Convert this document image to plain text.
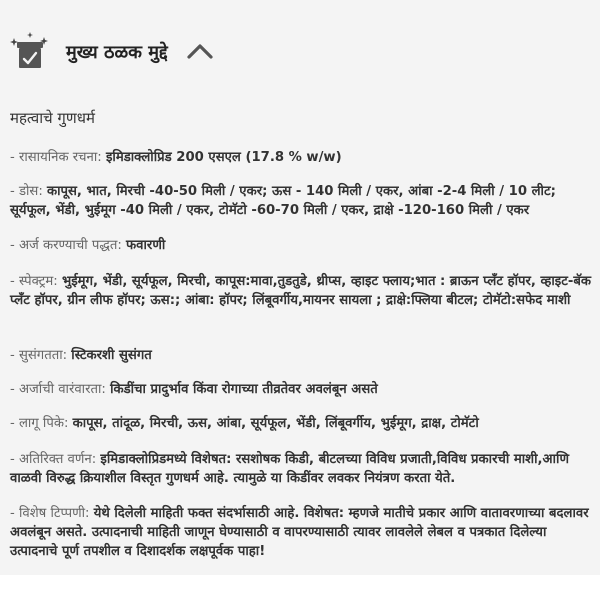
मुख्य ठळक मुद्दे
महत्वाचे गुणधर्म
- रासायनिक रचना: इमिडाक्लोप्रिड 200 एसएल (17.8 % w/w)
- डोस: कापूस, भात, मिरची -40-50 मिली / एकर; ऊस - 140 मिली / एकर, आंबा -2-4 मिली / 10 लीट; सूर्यफूल, भेंडी, भुईमूग -40 मिली / एकर, टोमॅटो -60-70 मिली / एकर, द्राक्षे -120-160 मिली / एकर
- अर्ज करण्याची पद्धत: फवारणी
- स्पेक्ट्रम: भुईमूग, भेंडी, सूर्यफूल, मिरची, कापूस:मावा,तुडतुडे, थ्रीप्स, व्हाइट फ्लाय;भात : ब्राऊन प्लॅंट हॉपर, व्हाइट-बॅक प्लॅंट हॉपर, ग्रीन लीफ हॉपर; ऊस:; आंबा: हॉपर; लिंबूवर्गीय,मायनर सायला ; द्राक्षे:फ्लिया बीटल; टोमॅटो:सफेद माशी
- सुसंगतता: स्टिकरशी सुसंगत
- अर्जाची वारंवारता: किडींचा प्रादुर्भाव किंवा रोगाच्या तीव्रतेवर अवलंबून असते
- लागू पिके: कापूस, तांदूळ, मिरची, ऊस, आंबा, सूर्यफूल, भेंडी, लिंबूवर्गीय, भुईमूग, द्राक्ष, टोमॅटो
- अतिरिक्त वर्णन: इमिडाक्लोप्रिडमध्ये विशेषत: रसशोषक किडी, बीटलच्या विविध प्रजाती,विविध प्रकारची माशी,आणि वाळवी विरुद्ध क्रियाशील विस्तृत गुणधर्म आहे. त्यामुळे या किडींवर लवकर नियंत्रण करता येते.
- विशेष टिप्पणी: येथे दिलेली माहिती फक्त संदर्भासाठी आहे. विशेषत: म्हणजे मातीचे प्रकार आणि वातावरणाच्या बदलावर अवलंबून असते. उत्पादनाची माहिती जाणून घेण्यासाठी व वापरण्यासाठी त्यावर लावलेले लेबल व पत्रकात दिलेल्या उत्पादनाचे पूर्ण तपशील व दिशादर्शक लक्षपूर्वक पाहा!
